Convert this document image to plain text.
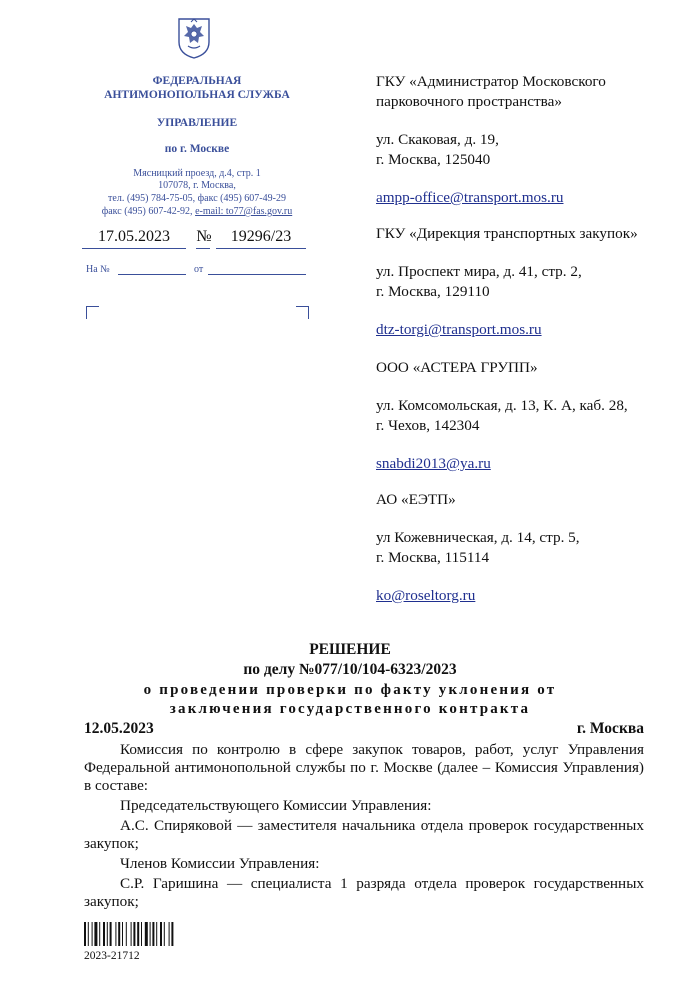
ФЕДЕРАЛЬНАЯ
АНТИМОНОПОЛЬНАЯ СЛУЖБА
УПРАВЛЕНИЕ
по г. Москве
Мясницкий проезд, д.4, стр. 1
107078, г. Москва,
тел. (495) 784-75-05, факс (495) 607-49-29
факс (495) 607-42-92, e-mail: to77@fas.gov.ru
17.05.2023	№	19296/23
На №	от
ГКУ «Администратор Московского парковочного пространства»
ул. Скаковая, д. 19,
г. Москва, 125040
ampp-office@transport.mos.ru
ГКУ «Дирекция транспортных закупок»
ул. Проспект мира, д. 41, стр. 2,
г. Москва, 129110
dtz-torgi@transport.mos.ru
ООО «АСТЕРА ГРУПП»
ул. Комсомольская, д. 13, К. А, каб. 28,
г. Чехов, 142304
snabdi2013@ya.ru
АО «ЕЭТП»
ул Кожевническая, д. 14, стр. 5,
г. Москва, 115114
ko@roseltorg.ru
РЕШЕНИЕ
по делу №077/10/104-6323/2023
о проведении проверки по факту уклонения от
заключения государственного контракта
12.05.2023	г. Москва
Комиссия по контролю в сфере закупок товаров, работ, услуг Управления Федеральной антимонопольной службы по г. Москве (далее – Комиссия Управления) в составе:
Председательствующего Комиссии Управления:
А.С. Спиряковой — заместителя начальника отдела проверок государственных закупок;
Членов Комиссии Управления:
С.Р. Гаришина — специалиста 1 разряда отдела проверок государственных закупок;
2023-21712
